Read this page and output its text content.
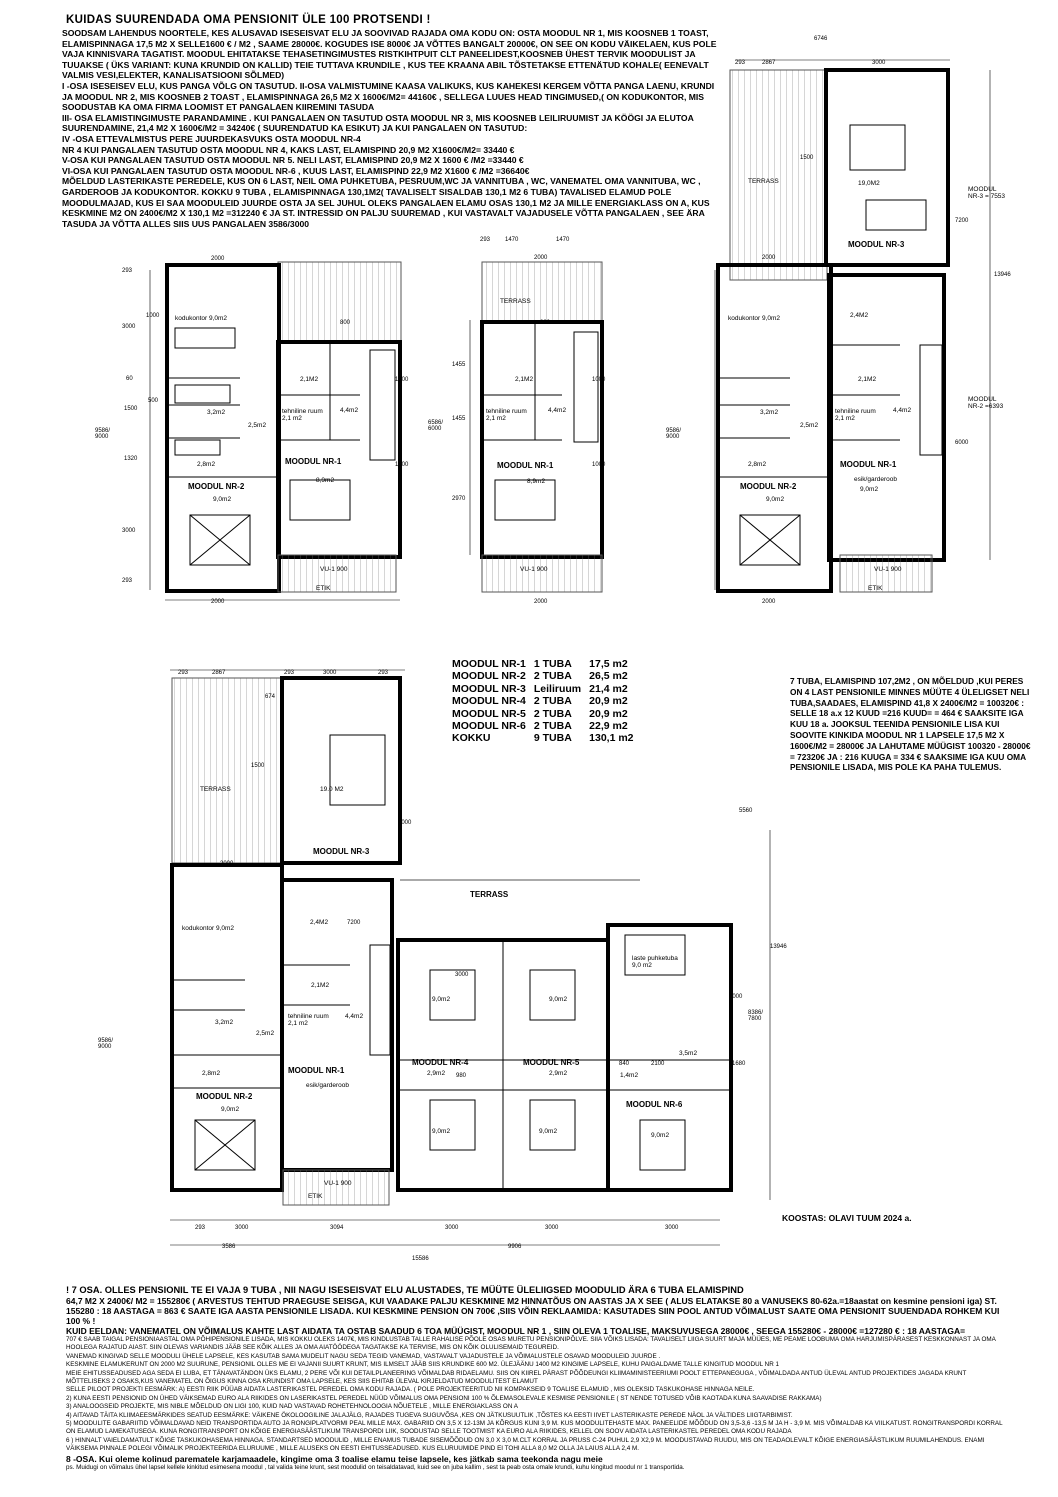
KUIDAS SUURENDADA OMA PENSIONIT ÜLE 100 PROTSENDI !

SOODSAM LAHENDUS NOORTELE, KES ALUSAVAD ISESEISVAT ELU JA SOOVIVAD RAJADA OMA KODU ON: OSTA MOODUL NR 1, MIS KOOSNEB 1 TOAST, ELAMISPINNAGA 17,5 M2 X SELLE1600 € / M2 , SAAME 28000€. KOGUDES ISE 8000€ JA VÕTTES BANGALT 20000€, ON SEE ON KODU VÄIKELAEN, KUS POLE VAJA KINNISVARA TAGATIST. MOODUL EHITATAKSE TEHASETINGIMUSTES RISTKIHTPUIT CLT PANEELIDEST,KOOSNEB ÜHEST TERVIK MOODULIST JA TUUAKSE ( ÜKS VARIANT: KUNA KRUNDID ON KALLID) TEIE TUTTAVA KRUNDILE , KUS TEE KRAANA ABIL TÕSTETAKSE ETTENÄTUD KOHALE( EENEVALT VALMIS VESI,ELEKTER, KANALISATSIOONI SÕLMED)

I -OSA ISESEISEV ELU, KUS PANGA VÕLG ON TASUTUD. II-OSA VALMISTUMINE KAASA VALIKUKS, KUS KAHEKESI KERGEM VÕTTA PANGA LAENU, KRUNDI JA MOODUL NR 2, MIS KOOSNEB 2 TOAST , ELAMISPINNAGA 26,5 M2 X 1600€/M2= 44160€ , SELLEGA LUUES HEAD TINGIMUSED,( ON KODUKONTOR, MIS SOODUSTAB KA OMA FIRMA LOOMIST ET PANGALAEN KIIREMINI TASUDA

III- OSA ELAMISTINGIMUSTE PARANDAMINE . KUI PANGALAEN ON TASUTUD OSTA MOODUL NR 3, MIS KOOSNEB LEILIRUUMIST JA KÖÖGI JA ELUTOA SUURENDAMINE, 21,4 M2 X 1600€/M2 = 34240€ ( SUURENDATUD KA ESIKUT) JA KUI PANGALAEN ON TASUTUD:

IV -OSA ETTEVALMISTUS PERE JUURDEKASVUKS OSTA MOODUL NR-4

NR 4 KUI PANGALAEN TASUTUD OSTA MOODUL NR 4, KAKS LAST, ELAMISPIND 20,9 M2 X1600€/M2= 33440 €

V-OSA KUI PANGALAEN TASUTUD OSTA MOODUL NR 5. NELI LAST, ELAMISPIND 20,9 M2 X 1600 € /M2 =33440 €

VI-OSA KUI PANGALAEN TASUTUD OSTA MOODUL NR-6 , KUUS LAST, ELAMISPIND 22,9 M2 X1600 € /M2 =36640€

MÕELDUD LASTERIKASTE PEREDELE, KUS ON 6 LAST, NEIL OMA PUHKETUBA, PESRUUM,WC JA VANNITUBA , WC, VANEMATEL OMA VANNITUBA, WC , GARDEROOB JA KODUKONTOR. KOKKU 9 TUBA , ELAMISPINNAGA 130,1M2( TAVALISELT SISALDAB 130,1 M2 6 TUBA) TAVALISED ELAMUD POLE MOODULMAJAD, KUS EI SAA MOODULEID JUURDE OSTA JA SEL JUHUL OLEKS PANGALAEN ELAMU OSAS 130,1 M2 JA MILLE ENERGIAKLASS ON A, KUS KESKMINE M2 ON 2400€/M2 X 130,1 M2 =312240 € JA ST. INTRESSID ON PALJU SUUREMAD , KUI VASTAVALT VAJADUSELE VÕTTA PANGALAEN , SEE ÄRA TASUDA JA VÕTTA ALLES SIIS UUS PANGALAEN 3586/3000

kodukontor 9,0m2
2,1M2
3,2m2
2,5m2
tehniline ruum 2,1 m2
4,4m2
2,8m2	MOODUL NR-1
8,9m2
MOODUL NR-2
9,0m2
VU-1 900
ETIK
2000
2000
293
3000
60
1500
9586/ 9000
1320
3000
293
1000
1000
1000
500
800
TERRASS
2,1M2
tehniline ruum 2,1 m2
4,4m2
MOODUL NR-1
8,9m2
VU-1 900
293 1470	1470
2000
2000
800
1455
1455
6586/ 6000
2970
1000
1000
TERRASS	19,0M2
MOODUL NR-3
MOODUL NR-3 = 7553
MOODUL NR-2 =6393
kodukontor 9,0m2	2,4M2
2,1M2
3,2m2
2,5m2
tehniline ruum 2,1 m2
4,4m2
2,8m2	MOODUL NR-1
esik/garderoob
9,0m2
MOODUL NR-2
9,0m2
VU-1 900
ETIK
6746
293	2867	3000
13946
7200
6000
1500
2000
2000
9586/ 9000
TERRASS	19.0 M2
MOODUL NR-3
TERRASS
kodukontor 9,0m2
2,4M2
2,1M2
3,2m2
2,5m2
tehniline ruum 2,1 m2
4,4m2
2,8m2	MOODUL NR-1
esik/garderoob
MOODUL NR-2
9,0m2
9,0m2	9,0m2
laste puhketuba 9,0 m2
MOODUL NR-4
2,9m2
MOODUL NR-5
2,9m2
3,5m2
1,4m2
MOODUL NR-6
9,0m2	9,0m2
9,0m2
VU-1 900
ETIK
293	2867	293	3000	293
674
1500
2000
2000
7200
5560
13946
8386/ 7800
1680
9586/ 9000
3000
3000
980
840	2100
293	3000	3094	3000	3000	3000
3586	9906
15586
MOODUL NR-1	1 TUBA	17,5 m2
MOODUL NR-2	2 TUBA	26,5 m2
MOODUL NR-3	Leiliruum	21,4 m2
MOODUL NR-4	2 TUBA	20,9 m2
MOODUL NR-5	2 TUBA	20,9 m2
MOODUL NR-6	2 TUBA	22,9 m2
KOKKU	9 TUBA	130,1 m2
7 TUBA, ELAMISPIND 107,2M2 , ON MÕELDUD ,KUI PERES ON 4 LAST PENSIONILE MINNES MÜÜTE 4 ÜLELIGSET NELI TUBA,SAADAES, ELAMISPIND 41,8 X 2400€/M2 = 100320€ : SELLE 18 a.x 12 KUUD =216 KUUD= = 464 € SAAKSITE IGA KUU 18 a. JOOKSUL TEENIDA PENSIONILE LISA KUI SOOVITE KINKIDA MOODUL NR 1 LAPSELE 17,5 M2 X 1600€/M2 = 28000€ JA LAHUTAME MÜÜGIST 100320 - 28000€ = 72320€ JA : 216 KUUGA = 334 € SAAKSIME IGA KUU OMA PENSIONILE LISADA, MIS POLE KA PAHA TULEMUS.
KOOSTAS: OLAVI TUUM 2024 a.

! 7 OSA. OLLES PENSIONIL TE EI VAJA 9 TUBA , NII NAGU ISESEISVAT ELU ALUSTADES, TE MÜÜTE ÜLELIIGSED MOODULID ÄRA 6 TUBA ELAMISPIND

64,7 M2 X 2400€/ M2 = 155280€ ( ARVESTUS TEHTUD PRAEGUSE SEISGA, KUI VAADAKE PALJU KESKMINE M2 HINNATÕUS ON AASTAS JA X SEE ( ALUS ELATAKSE 80 a VANUSEKS 80-62a.=18aastat on kesmine pensioni iga) ST. 155280 : 18 AASTAGA = 863 € SAATE IGA AASTA PENSIONILE LISADA. KUI KESKMINE PENSION ON 700€ ,SIIS VÕIN REKLAAMIDA: KASUTADES SIIN POOL ANTUD VÕIMALUST SAATE OMA PENSIONIT SUUENDADA ROHKEM KUI 100 % !

KUID EELDAN: VANEMATEL ON VÕIMALUS KAHTE LAST AIDATA TA OSTAB SAADUD 6 TOA MÜÜGIST, MOODUL NR 1 , SIIN OLEVA 1 TOALISE, MAKSUVUSEGA 28000€ , SEEGA 155280€ - 28000€ =127280 € : 18 AASTAGA=

707 € SAAB TAIGAL PENSIONIAASTAL OMA PÕHIPENSIONILE LISADA, MIS KOKKU OLEKS 1407€, MIS KINDLUSTAB TALLE RAHALISE PÕOLE OSAS MURETU PENSIONIPÕLVE. SIIA VÕIKS LISADA: TAVALISELT LIIGA SUURT MAJA MÜÜES, ME PEAME LOOBUMA OMA HARJUMISPÄRASEST KESKKONNAST JA OMA HOOLEGA RAJATUD AIAST. SIIN OLEVAS VARIANDIS JÄÄB SEE KÕIK ALLES JA OMA AIATÖÖDEGA TAGATAKSE KA TERVISE, MIS ON KÕIK OLULISEMAID TEGUREID.

VANEMAD KINGIVAD SELLE MOODULI ÜHELE LAPSELE, KES KASUTAB SAMA MUDELIT NAGU SEDA TEGID VANEMAD, VASTAVALT VAJADUSTELE JA VÕIMALUSTELE OSAVAD MOODULEID JUURDE .

KESKMINE ELAMUKERUNT ON 2000 M2 SUURUNE, PENSIONIL OLLES ME EI VAJANII SUURT KRUNT, MIS ILMSELT JÄÄB SIIS KRUNDIKE 600 M2. ÜLEJÄÄNU 1400 M2 KINGIME LAPSELE, KUHU PAIGALDAME TALLE KINGITUD MOODUL NR 1

MEIE EHITUSSEADUSED AGA SEDA EI LUBA, ET TÄNAVATÄNDON ÜKS ELAMU, 2 PERE VÕI KUI DETAILPLANEERING VÕIMALDAB RIDAELAMU. SIIS ON KIIREL PÄRAST PÕÕDEUNGI KLIIMAMINISTEERIUMI POOLT ETTEPANEGUGA , VÕIMALDADA ANTUD ÜLEVAL ANTUD PROJEKTIDES JAGADA KRUNT MÕTTELISEKS 2 OSAKS,KUS VANEMATEL ON ÕIGUS KINNA OSA KRUNDIST OMA LAPSELE, KES SIIS EHITAB ÜLEVAL KIRJELDATUD MOODULITEST ELAMUT

SELLE PILOOT PROJEKTI EESMÄRK: A) EESTI RIIK PÜÜAB AIDATA LASTERIKASTEL PEREDEL OMA KODU RAJADA. ( POLE PROJEKTEERITUD NII KOMPAKSEID 9 TOALISE ELAMUID , MIS OLEKSID TASKUKOHASE HINNAGA NEILE.

2) KUNA EESTI PENSIONID ON ÜHED VÄIKSEMAD EURO ALA RIIKIDES ON LASERIKASTEL PEREDEL NÜÜD VÕIMALUS OMA PENSIONI 100 % ÕLEMASOLEVALE KESMISE PENSIONILE ( ST NENDE TOTUSED VÕIB KAOTADA KUNA SAAVADISE RAKKAMA)

3) ANALOOGSEID PROJEKTE, MIS NIBLE MÕELDUD ON LIGI 100, KUID NAD VASTAVAD ROHETEHNOLOOGIA NÕUETELE , MILLE ENERGIAKLASS ON A

4) AITAVAD TÄITA KLIIMAEESMÄRKIDES SEATUD EESMÄRKE: VÄIKENE ÖKOLOOGILINE JALAJÄLG, RAJADES TUGEVA SUGUVÕSA ,KES ON JÄTKUSUUTLIK ,TÕSTES KA EESTI IIVET LASTERIKASTE PEREDE NÄOL JA VÄLTIDES LIIGTARBIMIST.

5) MOODULITE GABARIITID VÕIMALDAVAD NEID TRANSPORTIDA AUTO JA RONGIPLATVORMI PEAL MILLE MAX. GABARIID ON 3,5 X 12-13M JA KÕRGUS KUNI 3,9 M. KUS MOODULITEHASTE MAX. PANEELIDE MÕÕDUD ON 3,5-3,6 -13,5 M JA H - 3,9 M. MIS VÕIMALDAB KA VIILKATUST. RONGITRANSPORDI KORRAL ON ELAMUD LAMEKATUSEGA. KUNA RONGITRANSPORT ON KÕIGE ENERGIASÄÄSTLIKUM TRANSPORDI LIIK, SOODUSTAD SELLE TOOTMIST KA EURO ALA RIIKIDES, KELLEL ON SOOV AIDATA LASTERIKASTEL PEREDEL OMA KODU RAJADA

6 ) HINNALT VAIELDAMATULT KÕIGE TASKUKOHASEMA HINNAGA. STANDARTSED MOODULID , MILLE ENAMUS TUBADE SISEMÕÕDUD ON 3,0 X 3,0 M.CLT KORRAL JA PRUSS C-24 PUHUL 2,9 X2,9 M. MOODUSTAVAD RUUDU, MIS ON TEADAOLEVALT KÕIGE ENERGIASÄÄSTLIKUM RUUMILAHENDUS. ENAMI VÄIKSEMA PINNALE POLEGI VÕIMALIK PROJEKTEERIDA ELURUUME , MILLE ALUSEKS ON EESTI EHITUSSEADUSED. KUS ELURUUMIDE PIND EI TOHI ALLA 8,0 M2 OLLA JA LAIUS ALLA 2,4 M.

8 -OSA. Kui oleme kolinud parematele karjamaadele, kingime oma 3 toalise elamu teise lapsele, kes jätkab sama teekonda nagu meie

ps. Muidugi on võimalus ühel lapsel kellele kinkitud esimesena moodul , tal valida teine krunt, sest moodulid on teisaldatavad, kuid see on juba kallim , sest ta peab osta omale krundi, kuhu kingitud moodul nr 1 transportida.
